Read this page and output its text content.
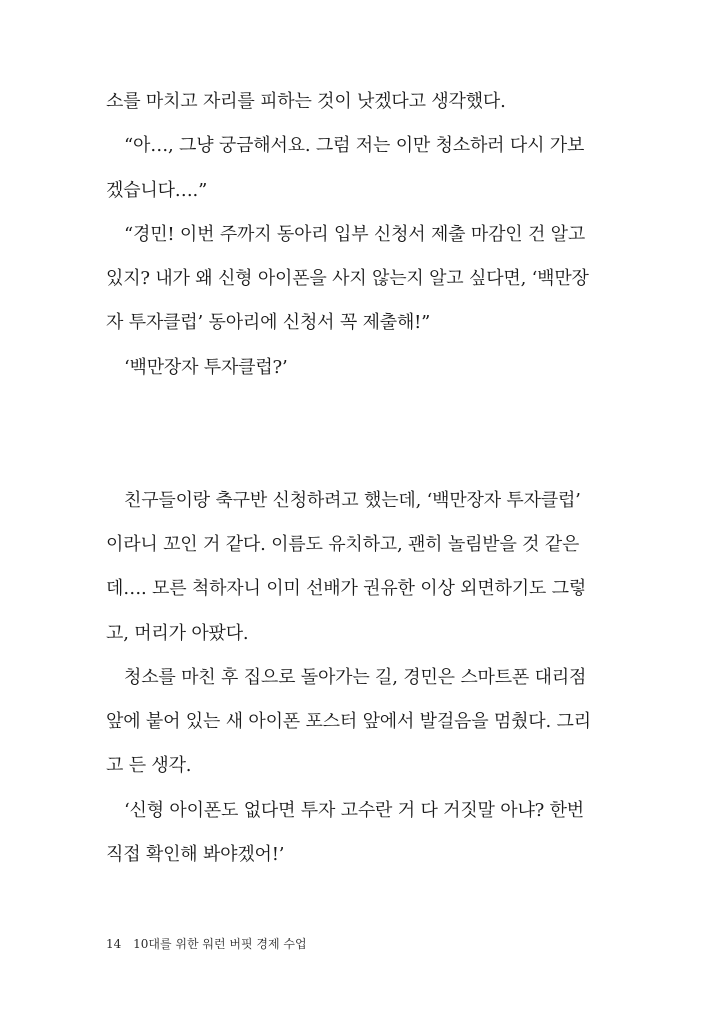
소를 마치고 자리를 피하는 것이 낫겠다고 생각했다.
“아…, 그냥 궁금해서요. 그럼 저는 이만 청소하러 다시 가보
겠습니다….”
“경민! 이번 주까지 동아리 입부 신청서 제출 마감인 건 알고
있지? 내가 왜 신형 아이폰을 사지 않는지 알고 싶다면, ‘백만장
자 투자클럽’ 동아리에 신청서 꼭 제출해!”
‘백만장자 투자클럽?’
친구들이랑 축구반 신청하려고 했는데, ‘백만장자 투자클럽’
이라니 꼬인 거 같다. 이름도 유치하고, 괜히 놀림받을 것 같은
데…. 모른 척하자니 이미 선배가 권유한 이상 외면하기도 그렇
고, 머리가 아팠다.
청소를 마친 후 집으로 돌아가는 길, 경민은 스마트폰 대리점
앞에 붙어 있는 새 아이폰 포스터 앞에서 발걸음을 멈췄다. 그리
고 든 생각.
‘신형 아이폰도 없다면 투자 고수란 거 다 거짓말 아냐? 한번
직접 확인해 봐야겠어!’
14 10대를 위한 워런 버핏 경제 수업
